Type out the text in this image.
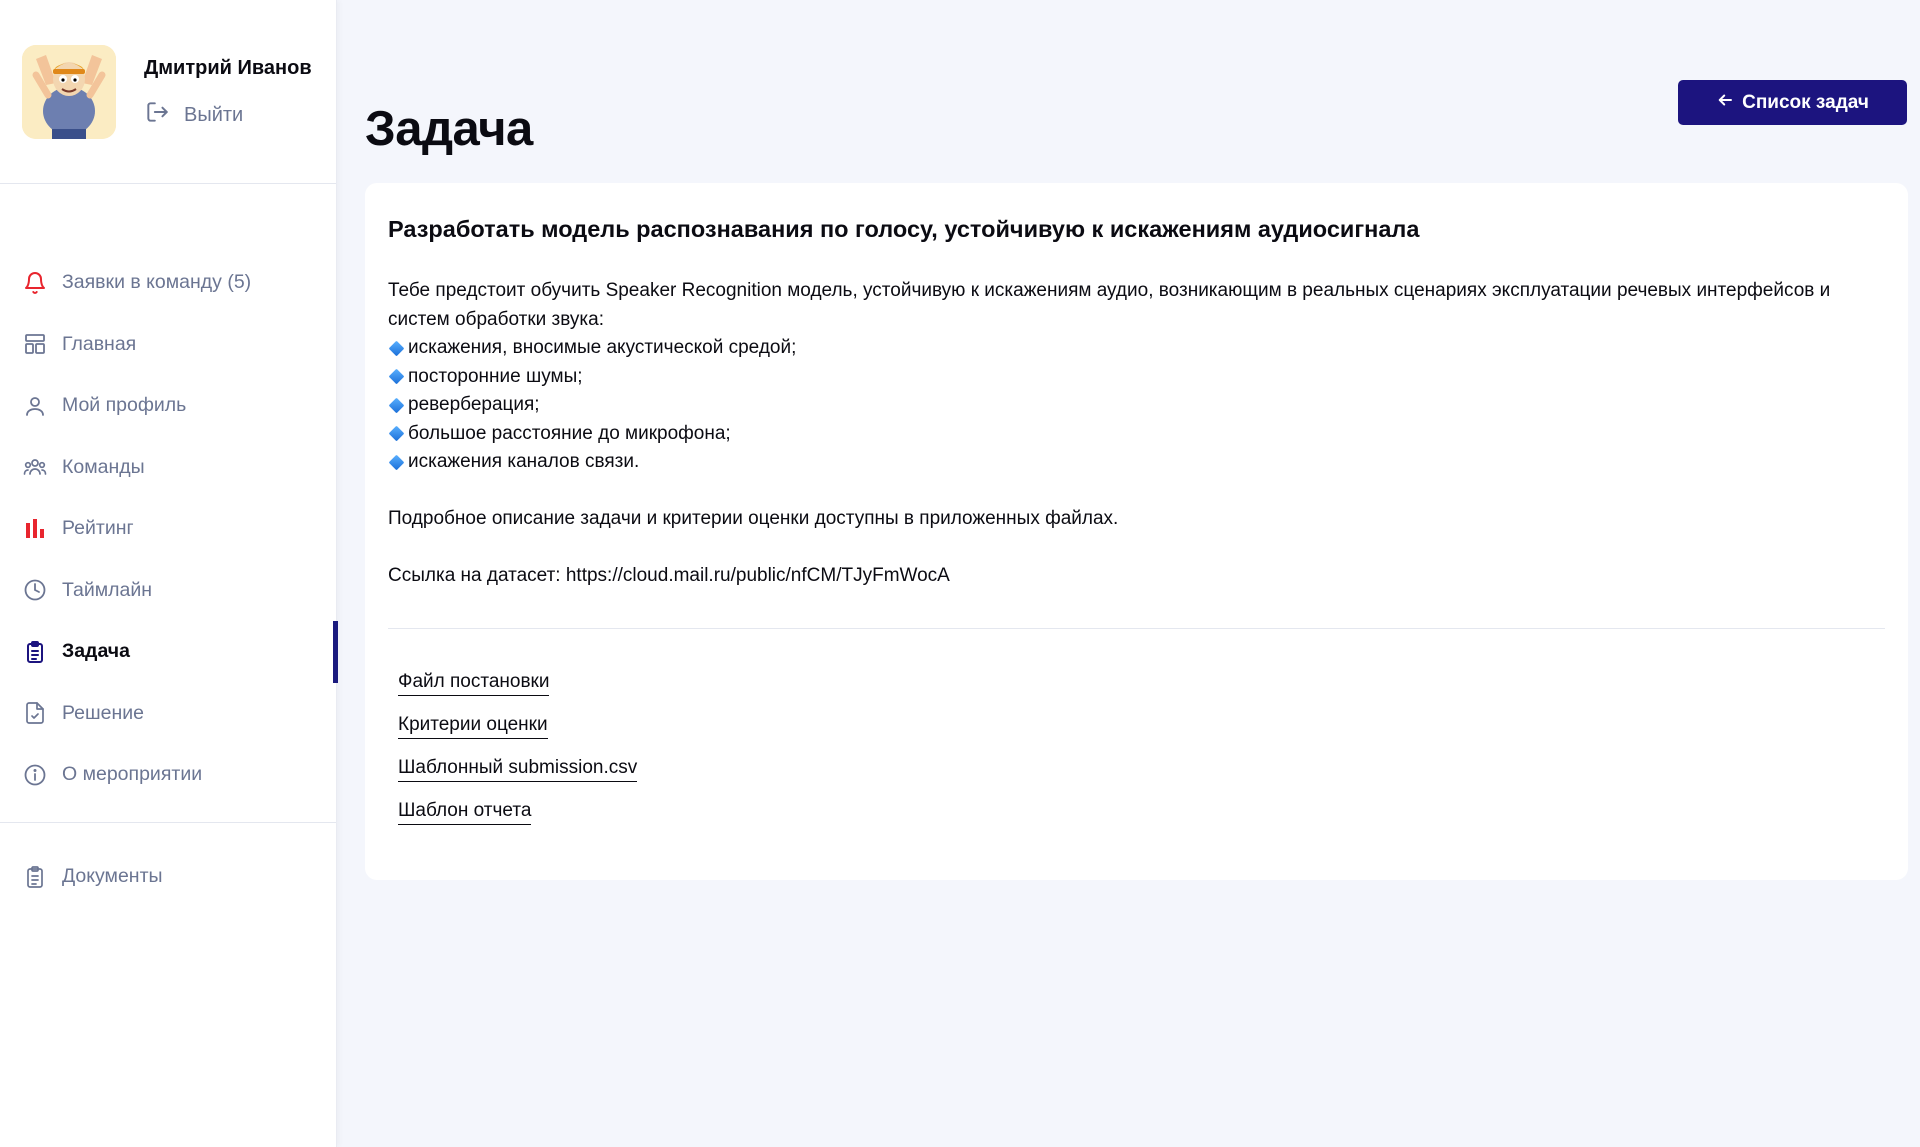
Дмитрий Иванов
Выйти
Заявки в команду (5)
Главная
Мой профиль
Команды
Рейтинг
Таймлайн
Задача
Решение
О мероприятии
Документы
Задача	Список задач
Разработать модель распознавания по голосу, устойчивую к искажениям аудиосигнала

Тебе предстоит обучить Speaker Recognition модель, устойчивую к искажениям аудио, возникающим в реальных сценариях эксплуатации речевых интерфейсов и систем обработки звука:

искажения, вносимые акустической средой;
посторонние шумы;
реверберация;
большое расстояние до микрофона;
искажения каналов связи.

Подробное описание задачи и критерии оценки доступны в приложенных файлах.

Ссылка на датасет: https://cloud.mail.ru/public/nfCM/TJyFmWocA

Файл постановки
Критерии оценки
Шаблонный submission.csv
Шаблон отчета
